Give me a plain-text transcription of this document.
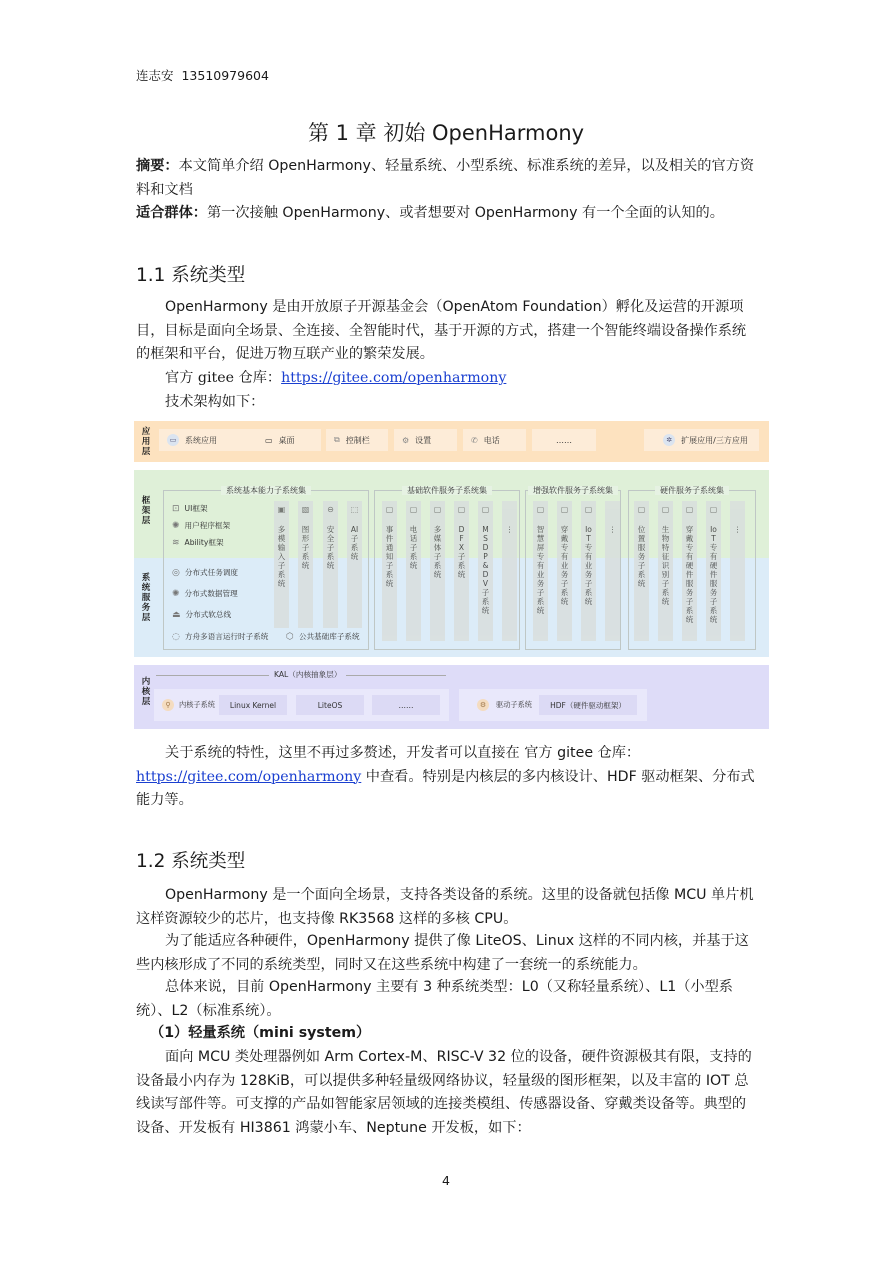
连志安 13510979604
第 1 章 初始 OpenHarmony
摘要：本文简单介绍 OpenHarmony、轻量系统、小型系统、标准系统的差异，以及相关的官方资料和文档
适合群体：第一次接触 OpenHarmony、或者想要对 OpenHarmony 有一个全面的认知的。
1.1 系统类型
OpenHarmony 是由开放原子开源基金会（OpenAtom Foundation）孵化及运营的开源项目，目标是面向全场景、全连接、全智能时代，基于开源的方式，搭建一个智能终端设备操作系统的框架和平台，促进万物互联产业的繁荣发展。
官方 gitee 仓库：https://gitee.com/openharmony
技术架构如下：
应用层
▭	系统应用	▭ 桌面	⧉ 控制栏	⚙ 设置	✆ 电话	……	✲	扩展应用/三方应用
框架层
系统服务层
系统基本能力子系统集
⊡ UI框架
✺ 用户程序框架
≋ Ability框架
◎ 分布式任务调度
✺ 分布式数据管理
⏏ 分布式软总线
◌ 方舟多语言运行时子系统 ⬡ 公共基础库子系统
▣
多模输入子系统
▧
图形子系统
⊖
安全子系统
⬚
AI子系统
基础软件服务子系统集	增强软件服务子系统集	硬件服务子系统集
▢
事件通知子系统
▢
电话子系统
▢
多媒体子系统
▢
DFX子系统
▢
MSDP&DV子系统
⋮
▢
智慧屏专有业务子系统
▢
穿戴专有业务子系统
▢
IoT专有业务子系统
⋮
▢
位置服务子系统
▢
生物特征识别子系统
▢
穿戴专有硬件服务子系统
▢
IoT专有硬件服务子系统
⋮
内核层
KAL（内核抽象层）
⚲	内核子系统	Linux Kernel	LiteOS	……	⚙	驱动子系统	HDF（硬件驱动框架）
关于系统的特性，这里不再过多赘述，开发者可以直接在 官方 gitee 仓库：https://gitee.com/openharmony 中查看。特别是内核层的多内核设计、HDF 驱动框架、分布式能力等。
1.2 系统类型
OpenHarmony 是一个面向全场景，支持各类设备的系统。这里的设备就包括像 MCU 单片机这样资源较少的芯片，也支持像 RK3568 这样的多核 CPU。
为了能适应各种硬件，OpenHarmony 提供了像 LiteOS、Linux 这样的不同内核，并基于这些内核形成了不同的系统类型，同时又在这些系统中构建了一套统一的系统能力。
总体来说，目前 OpenHarmony 主要有 3 种系统类型：L0（又称轻量系统）、L1（小型系统）、L2（标准系统）。
（1）轻量系统（mini system）
面向 MCU 类处理器例如 Arm Cortex-M、RISC-V 32 位的设备，硬件资源极其有限，支持的设备最小内存为 128KiB，可以提供多种轻量级网络协议，轻量级的图形框架，以及丰富的 IOT 总线读写部件等。可支撑的产品如智能家居领域的连接类模组、传感器设备、穿戴类设备等。典型的设备、开发板有 HI3861 鸿蒙小车、Neptune 开发板，如下：
4
